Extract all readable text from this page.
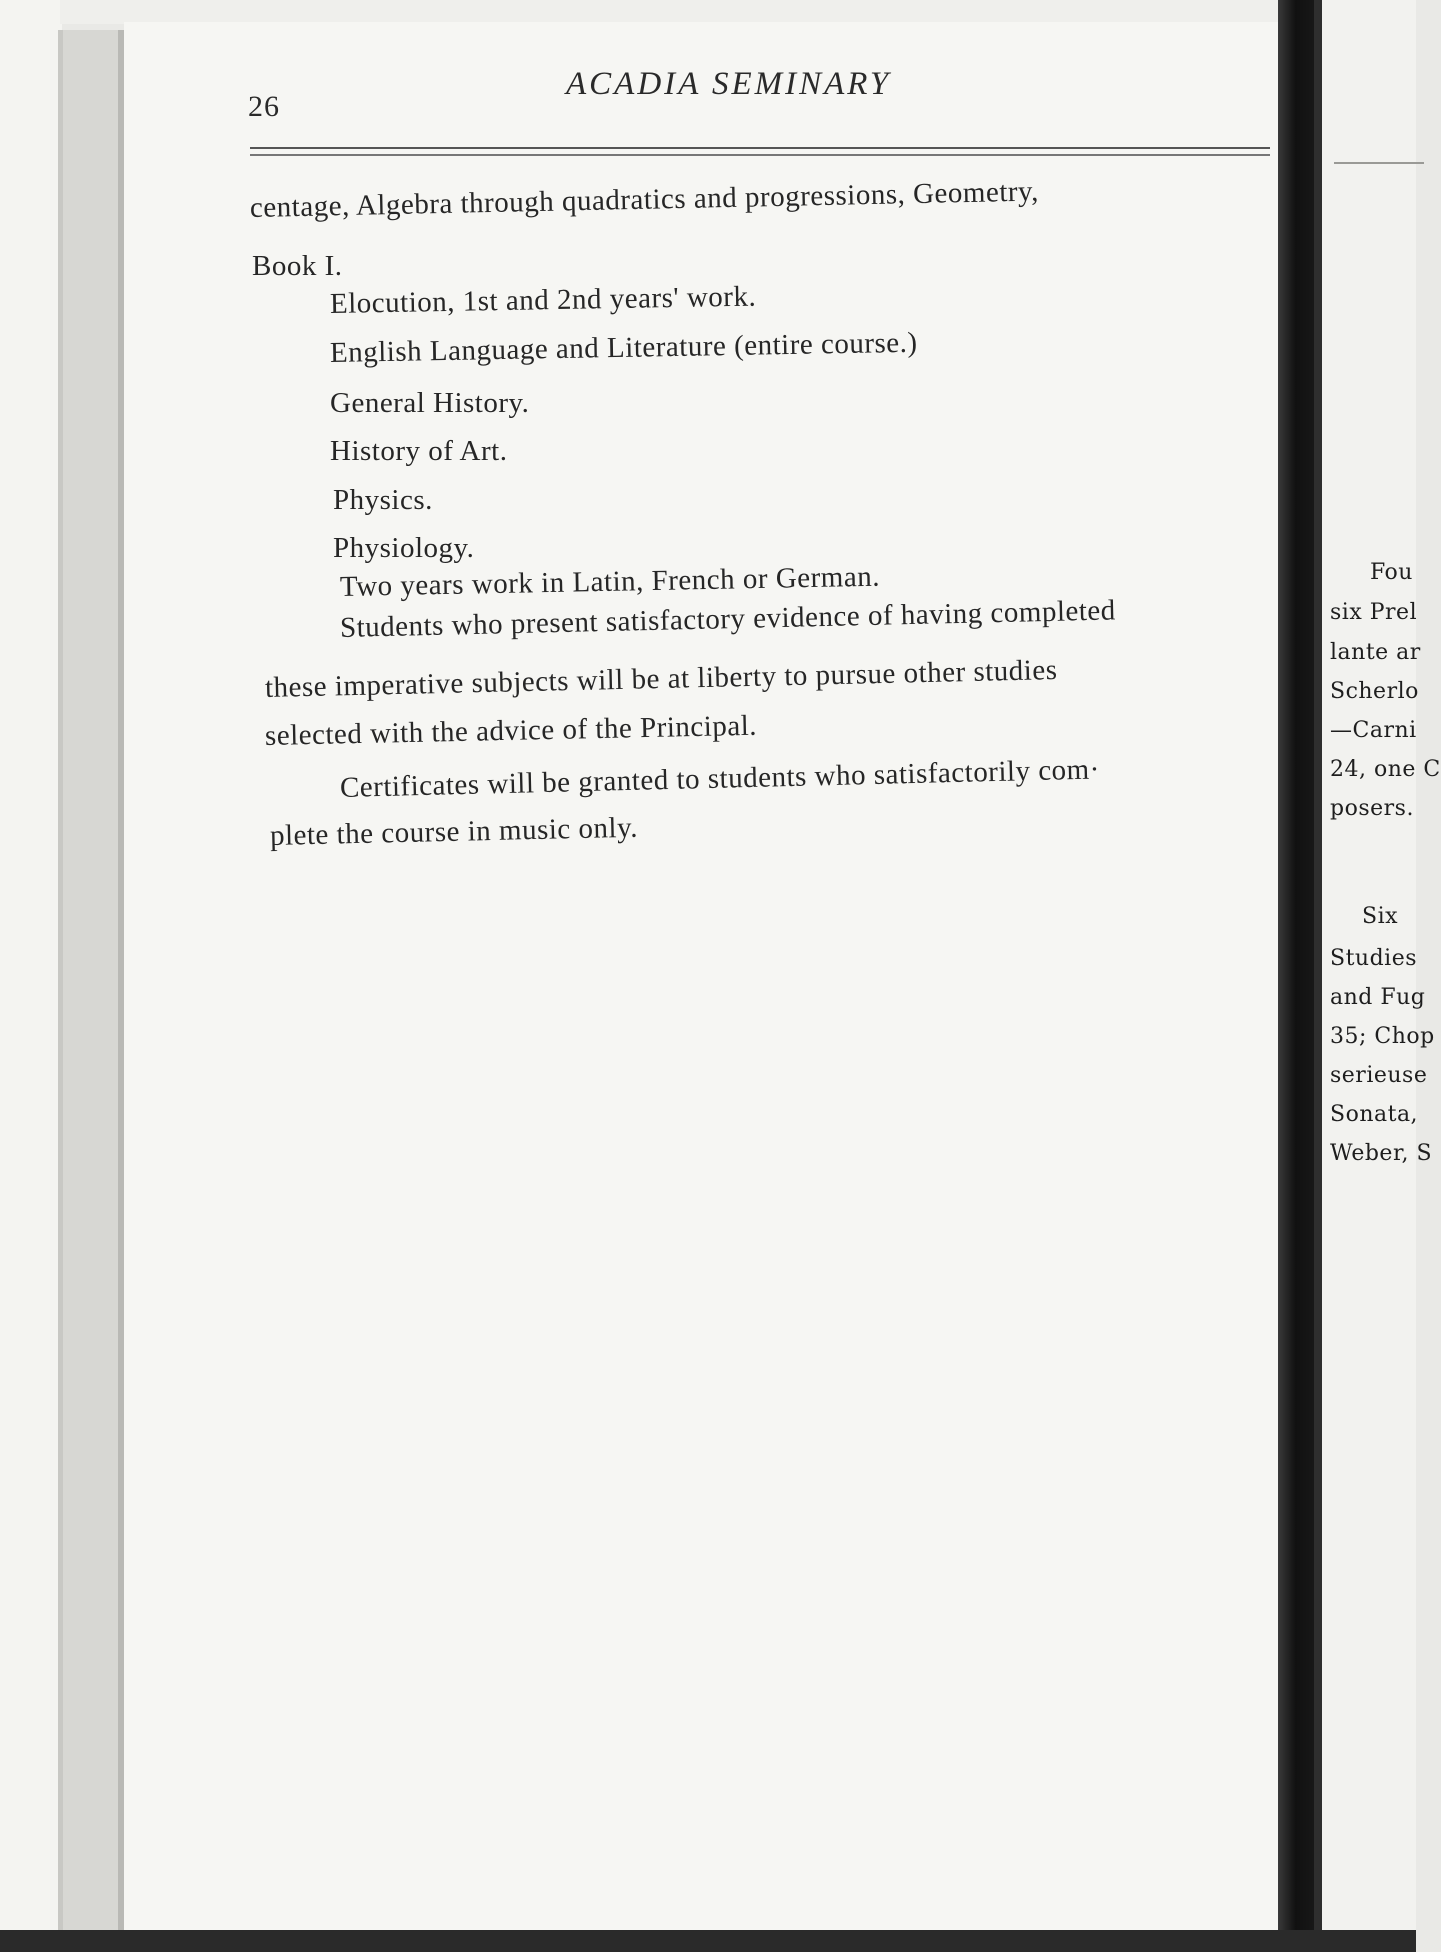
26
ACADIA SEMINARY
centage, Algebra through quadratics and progressions, Geometry,
Book I.
Elocution, 1st and 2nd years' work.
English Language and Literature (entire course.)
General History.
History of Art.
Physics.
Physiology.
Two years work in Latin, French or German.
Students who present satisfactory evidence of having completed
these imperative subjects will be at liberty to pursue other studies
selected with the advice of the Principal.
Certificates will be granted to students who satisfactorily com·
plete the course in music only.
Fou
six Prel
lante ar
Scherlo
—Carni
24, one C
posers.
Six
Studies
and Fug
35; Chop
serieuse
Sonata,
Weber, S
